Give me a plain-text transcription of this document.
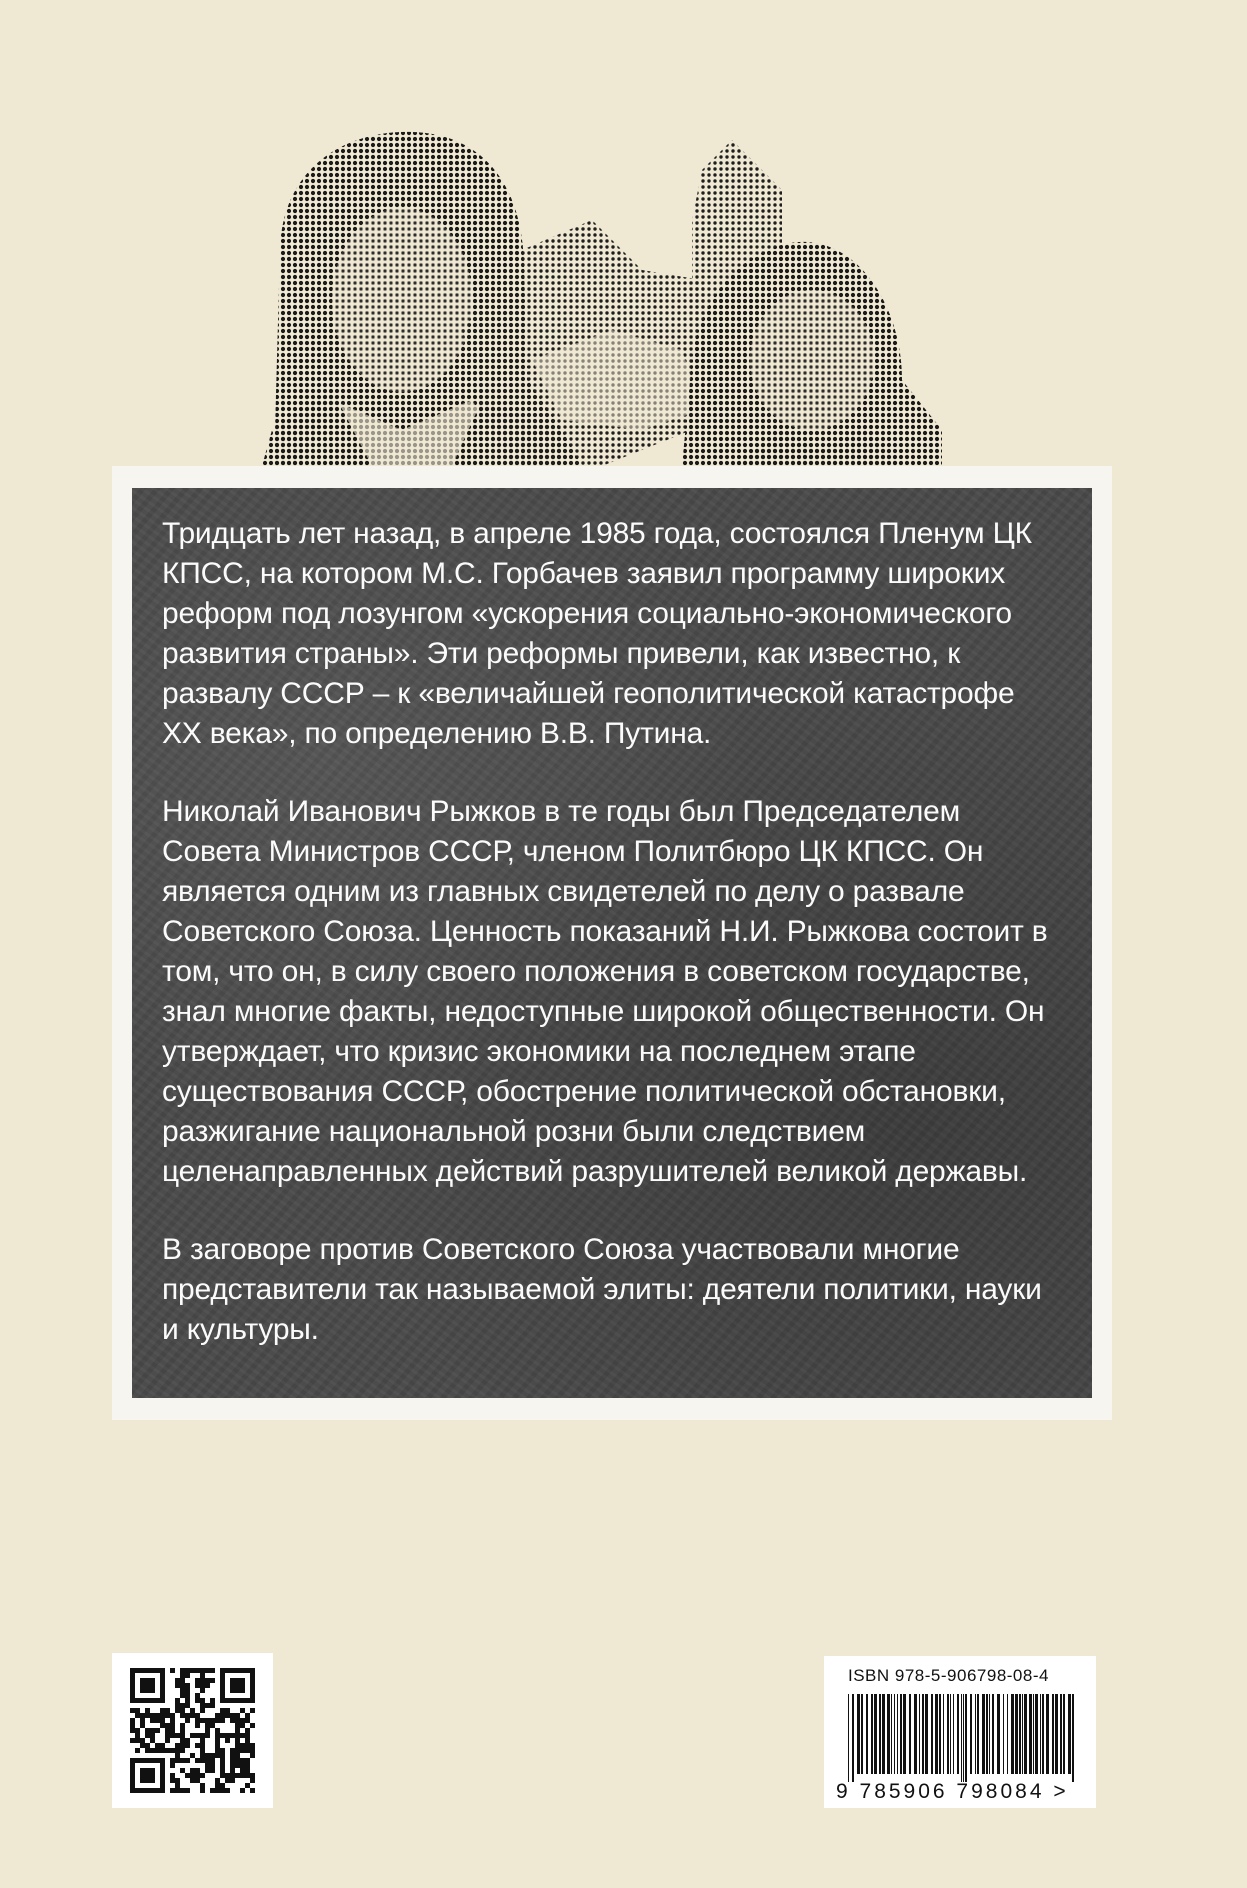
Тридцать лет назад, в апреле 1985 года, состоялся Пленум ЦК КПСС, на котором М.С. Горбачев заявил программу широких реформ под лозунгом «ускорения социально-экономического развития страны». Эти реформы привели, как известно, к развалу СССР – к «величайшей геополитической катастрофе XX века», по определению В.В. Путина.

Николай Иванович Рыжков в те годы был Председателем Совета Министров СССР, членом Политбюро ЦК КПСС. Он является одним из главных свидетелей по делу о развале Советского Союза. Ценность показаний Н.И. Рыжкова состоит в том, что он, в силу своего положения в советском государстве, знал многие факты, недоступные широкой общественности. Он утверждает, что кризис экономики на последнем этапе существования СССР, обострение политической обстановки, разжигание национальной розни были следствием целенаправленных действий разрушителей великой державы.

В заговоре против Советского Союза участвовали многие представители так называемой элиты: деятели политики, науки и культуры.

ISBN 978-5-906798-08-4
9 785906 798084 >
